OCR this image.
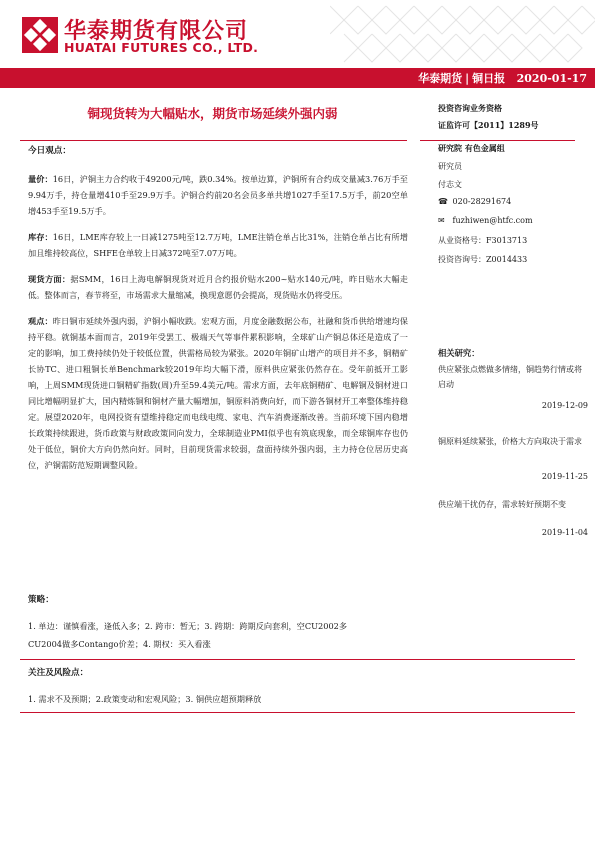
华泰期货有限公司
HUATAI FUTURES CO., LTD.
华泰期货 | 铜日报 2020-01-17
铜现货转为大幅贴水，期货市场延续外强内弱

今日观点：

量价：16日，沪铜主力合约收于49200元/吨，跌0.34%。按单边算，沪铜所有合约成交量减3.76万手至9.94万手，持仓量增410手至29.9万手。沪铜合约前20名会员多单共增1027手至17.5万手，前20空单增453手至19.5万手。

库存：16日，LME库存较上一日减1275吨至12.7万吨，LME注销仓单占比31%，注销仓单占比有所增加且维持较高位，SHFE仓单较上日减372吨至7.07万吨。

现货方面：据SMM，16日上海电解铜现货对近月合约报价贴水200~贴水140元/吨，昨日贴水大幅走低。整体而言，春节将至，市场需求大量缩减，换现意愿仍会提高，现货贴水仍将受压。

观点：昨日铜市延续外强内弱，沪铜小幅收跌。宏观方面，月度金融数据公布，社融和货币供给增速均保持平稳。就铜基本面而言，2019年受罢工、极端天气等事件累积影响，全球矿山产铜总体还是造成了一定的影响，加工费持续仍处于较低位置，供需格局较为紧张。2020年铜矿山增产的项目并不多，铜精矿长协TC、进口粗铜长单Benchmark较2019年均大幅下滑，原料供应紧张仍然存在。受年前抵开工影响，上周SMM现货进口铜精矿指数(周)升至59.4美元/吨。需求方面，去年底铜精矿、电解铜及铜材进口同比增幅明显扩大，国内精炼铜和铜材产量大幅增加，铜原料消费向好，而下游各铜材开工率整体维持稳定。展望2020年，电网投资有望维持稳定而电线电缆、家电、汽车消费逐渐改善。当前环境下国内稳增长政策持续跟进，货币政策与财政政策同向发力，全球制造业PMI似乎也有筑底现象，而全球铜库存也仍处于低位，铜价大方向仍然向好。同时，目前现货需求较弱，盘面持续外强内弱，主力持仓位居历史高位，沪铜需防范短期调整风险。

投资咨询业务资格
证监许可【2011】1289号
研究院 有色金属组
研究员
付志文
☎ 020-28291674
✉ fuzhiwen@htfc.com
从业资格号：F3013713
投资咨询号：Z0014433
相关研究：
供应紧张点燃做多情绪，铜趋势行情或将启动
2019-12-09
铜原料延续紧张，价格大方向取决于需求
2019-11-25
供应端干扰仍存，需求转好预期不变
2019-11-04

策略：

1. 单边：谨慎看涨，逢低入多；2. 跨市：暂无；3. 跨期：跨期反向套利，空CU2002多

CU2004做多Contango价差；4. 期权：买入看涨

关注及风险点：

1. 需求不及预期；2.政策变动和宏观风险；3. 铜供应超预期释放
